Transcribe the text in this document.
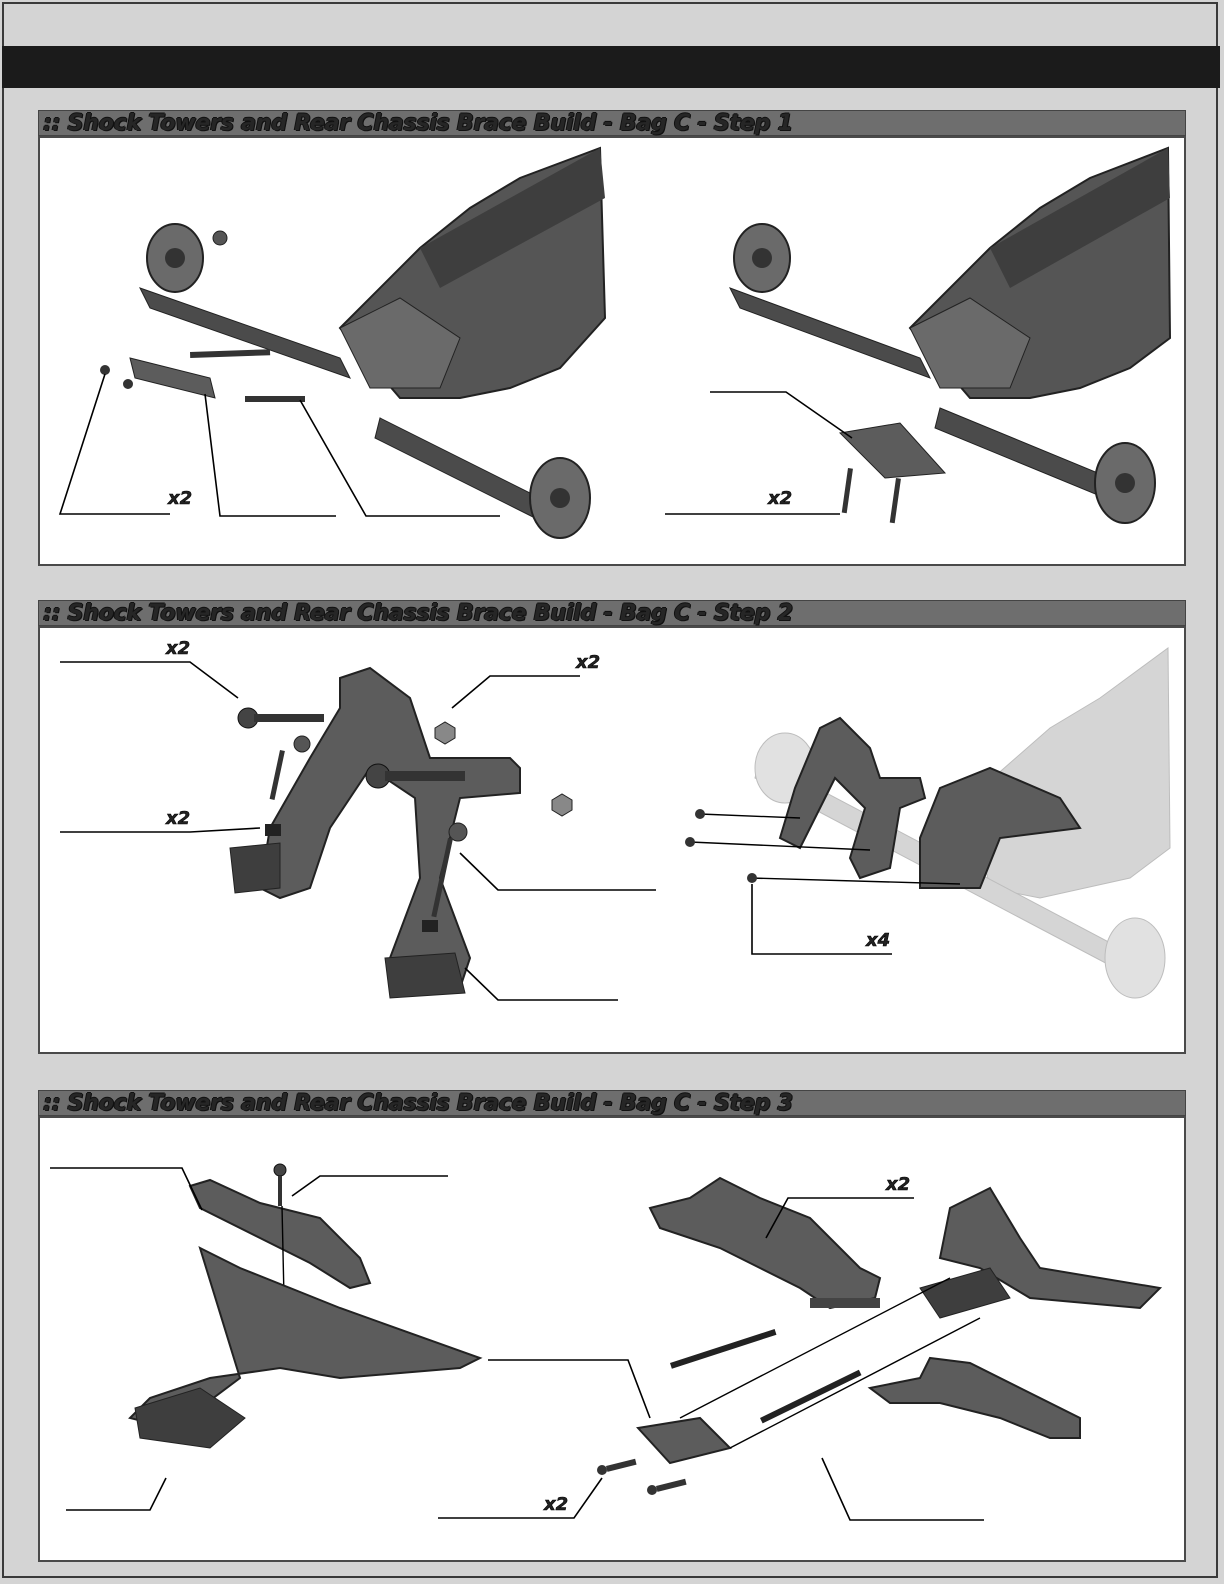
:: Shock Towers and Rear Chassis Brace Build - Bag C - Step 1
x2	x2
:: Shock Towers and Rear Chassis Brace Build - Bag C - Step 2
x2
x2
x2
x4
:: Shock Towers and Rear Chassis Brace Build - Bag C - Step 3
x2
x2
